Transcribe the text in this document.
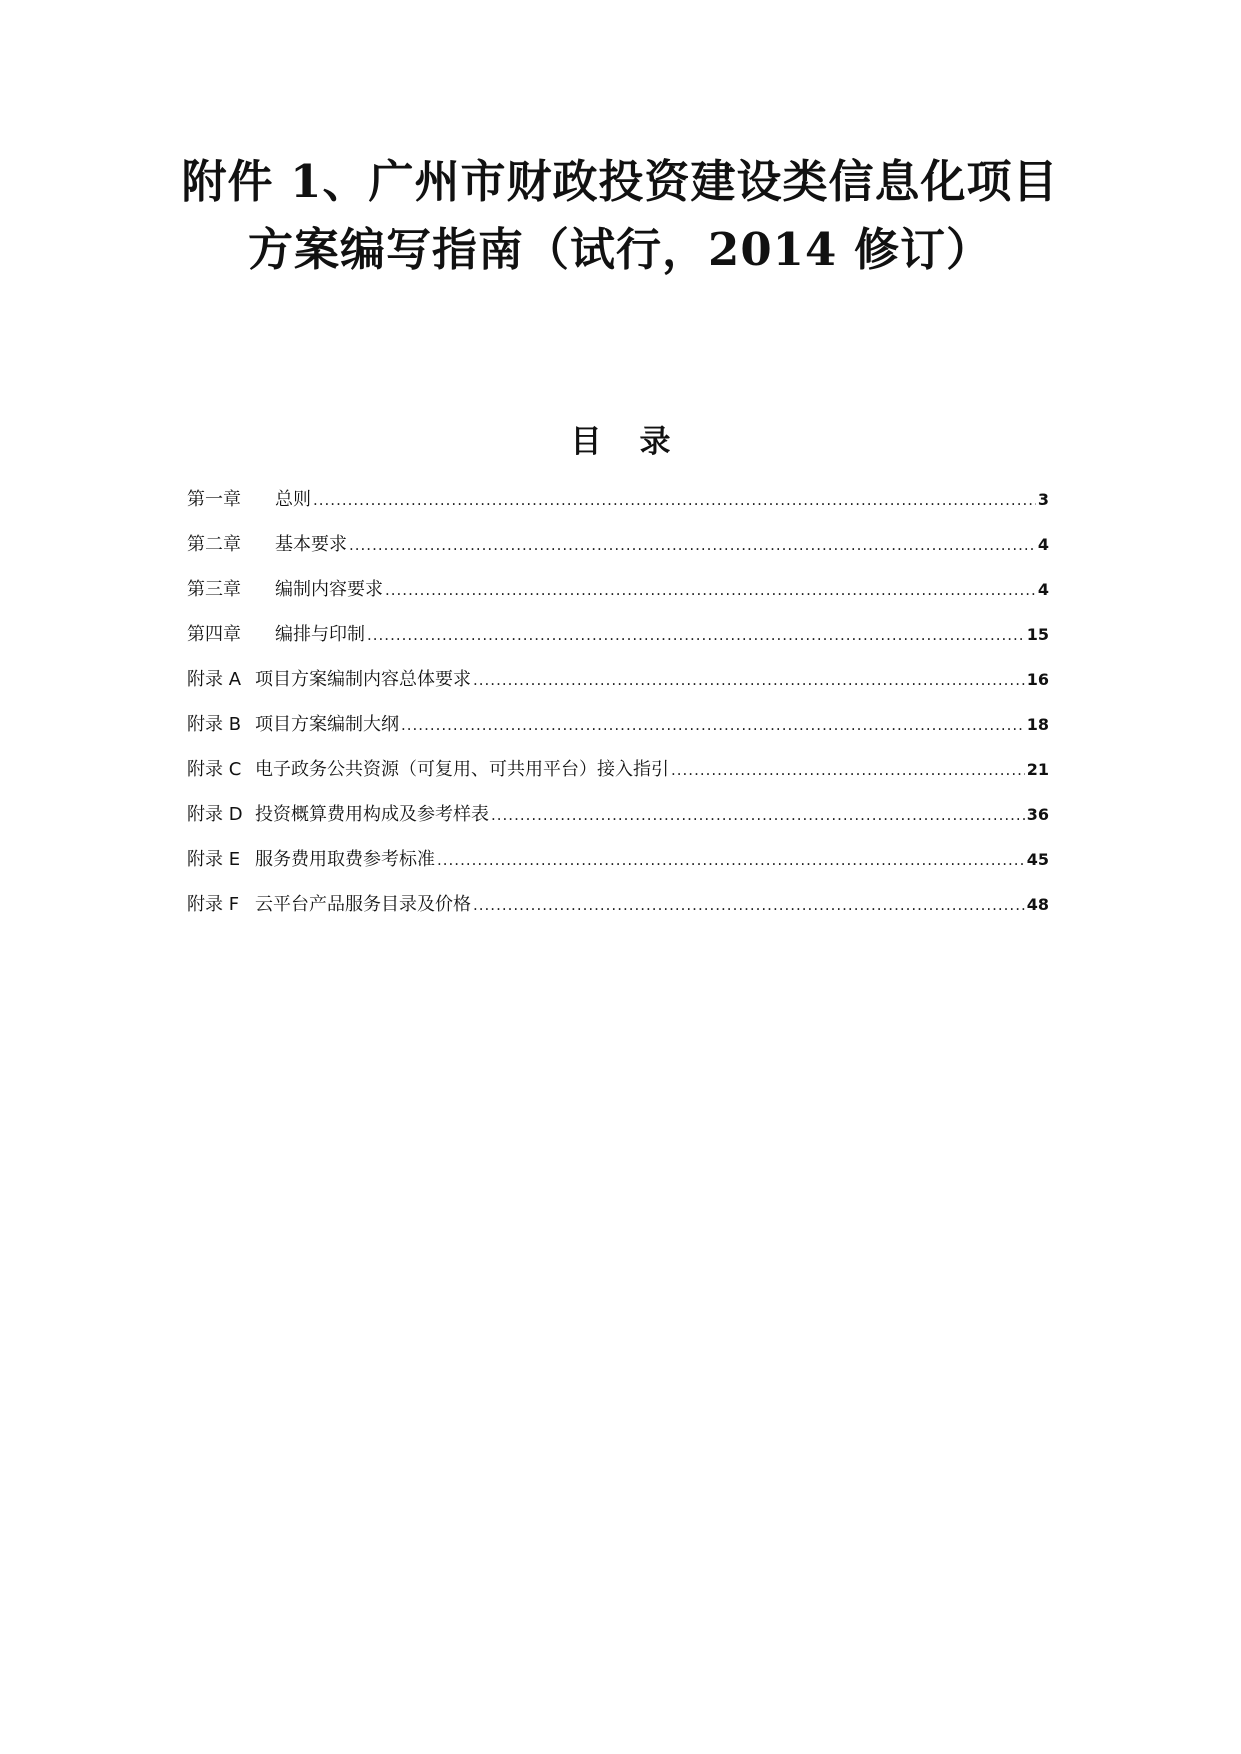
附件 1、广州市财政投资建设类信息化项目
方案编写指南（试行，2014 修订）
目 录
第一章 总则 .....	3
第二章 基本要求 .....	4
第三章 编制内容要求 .....	4
第四章 编排与印制 .....	15
附录 A 项目方案编制内容总体要求 .....	16
附录 B 项目方案编制大纲 .....	18
附录 C 电子政务公共资源（可复用、可共用平台）接入指引 .....	21
附录 D 投资概算费用构成及参考样表 .....	36
附录 E 服务费用取费参考标准 .....	45
附录 F 云平台产品服务目录及价格 .....	48
